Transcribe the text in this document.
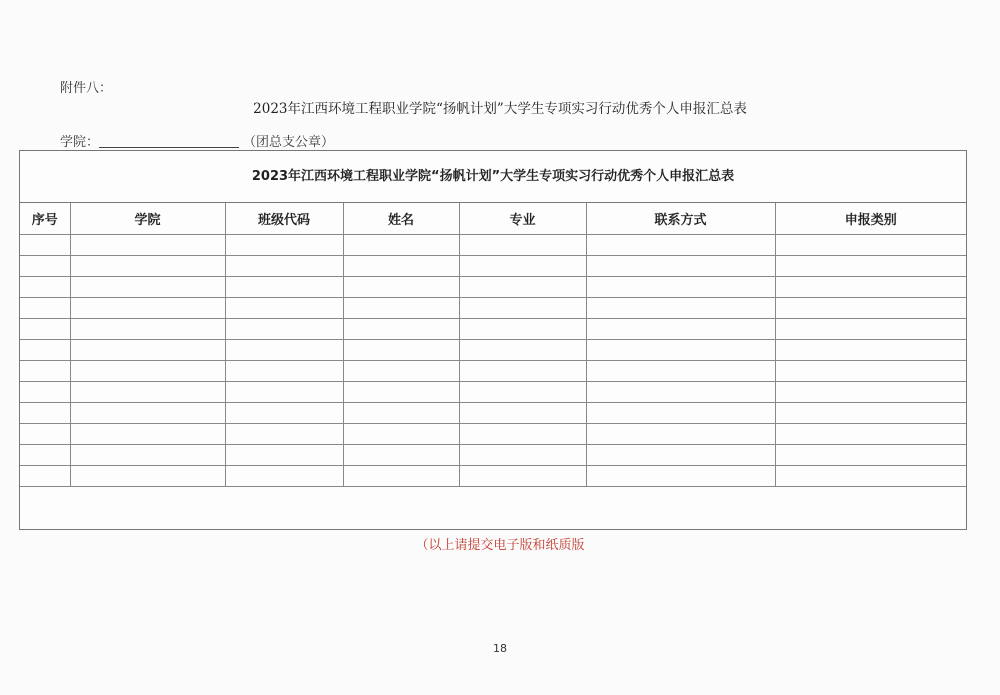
附件八：
2023年江西环境工程职业学院“扬帆计划”大学生专项实习行动优秀个人申报汇总表
学院：	（团总支公章）
2023年江西环境工程职业学院“扬帆计划”大学生专项实习行动优秀个人申报汇总表
序号	学院	班级代码	姓名	专业	联系方式	申报类别

（以上请提交电子版和纸质版
18
